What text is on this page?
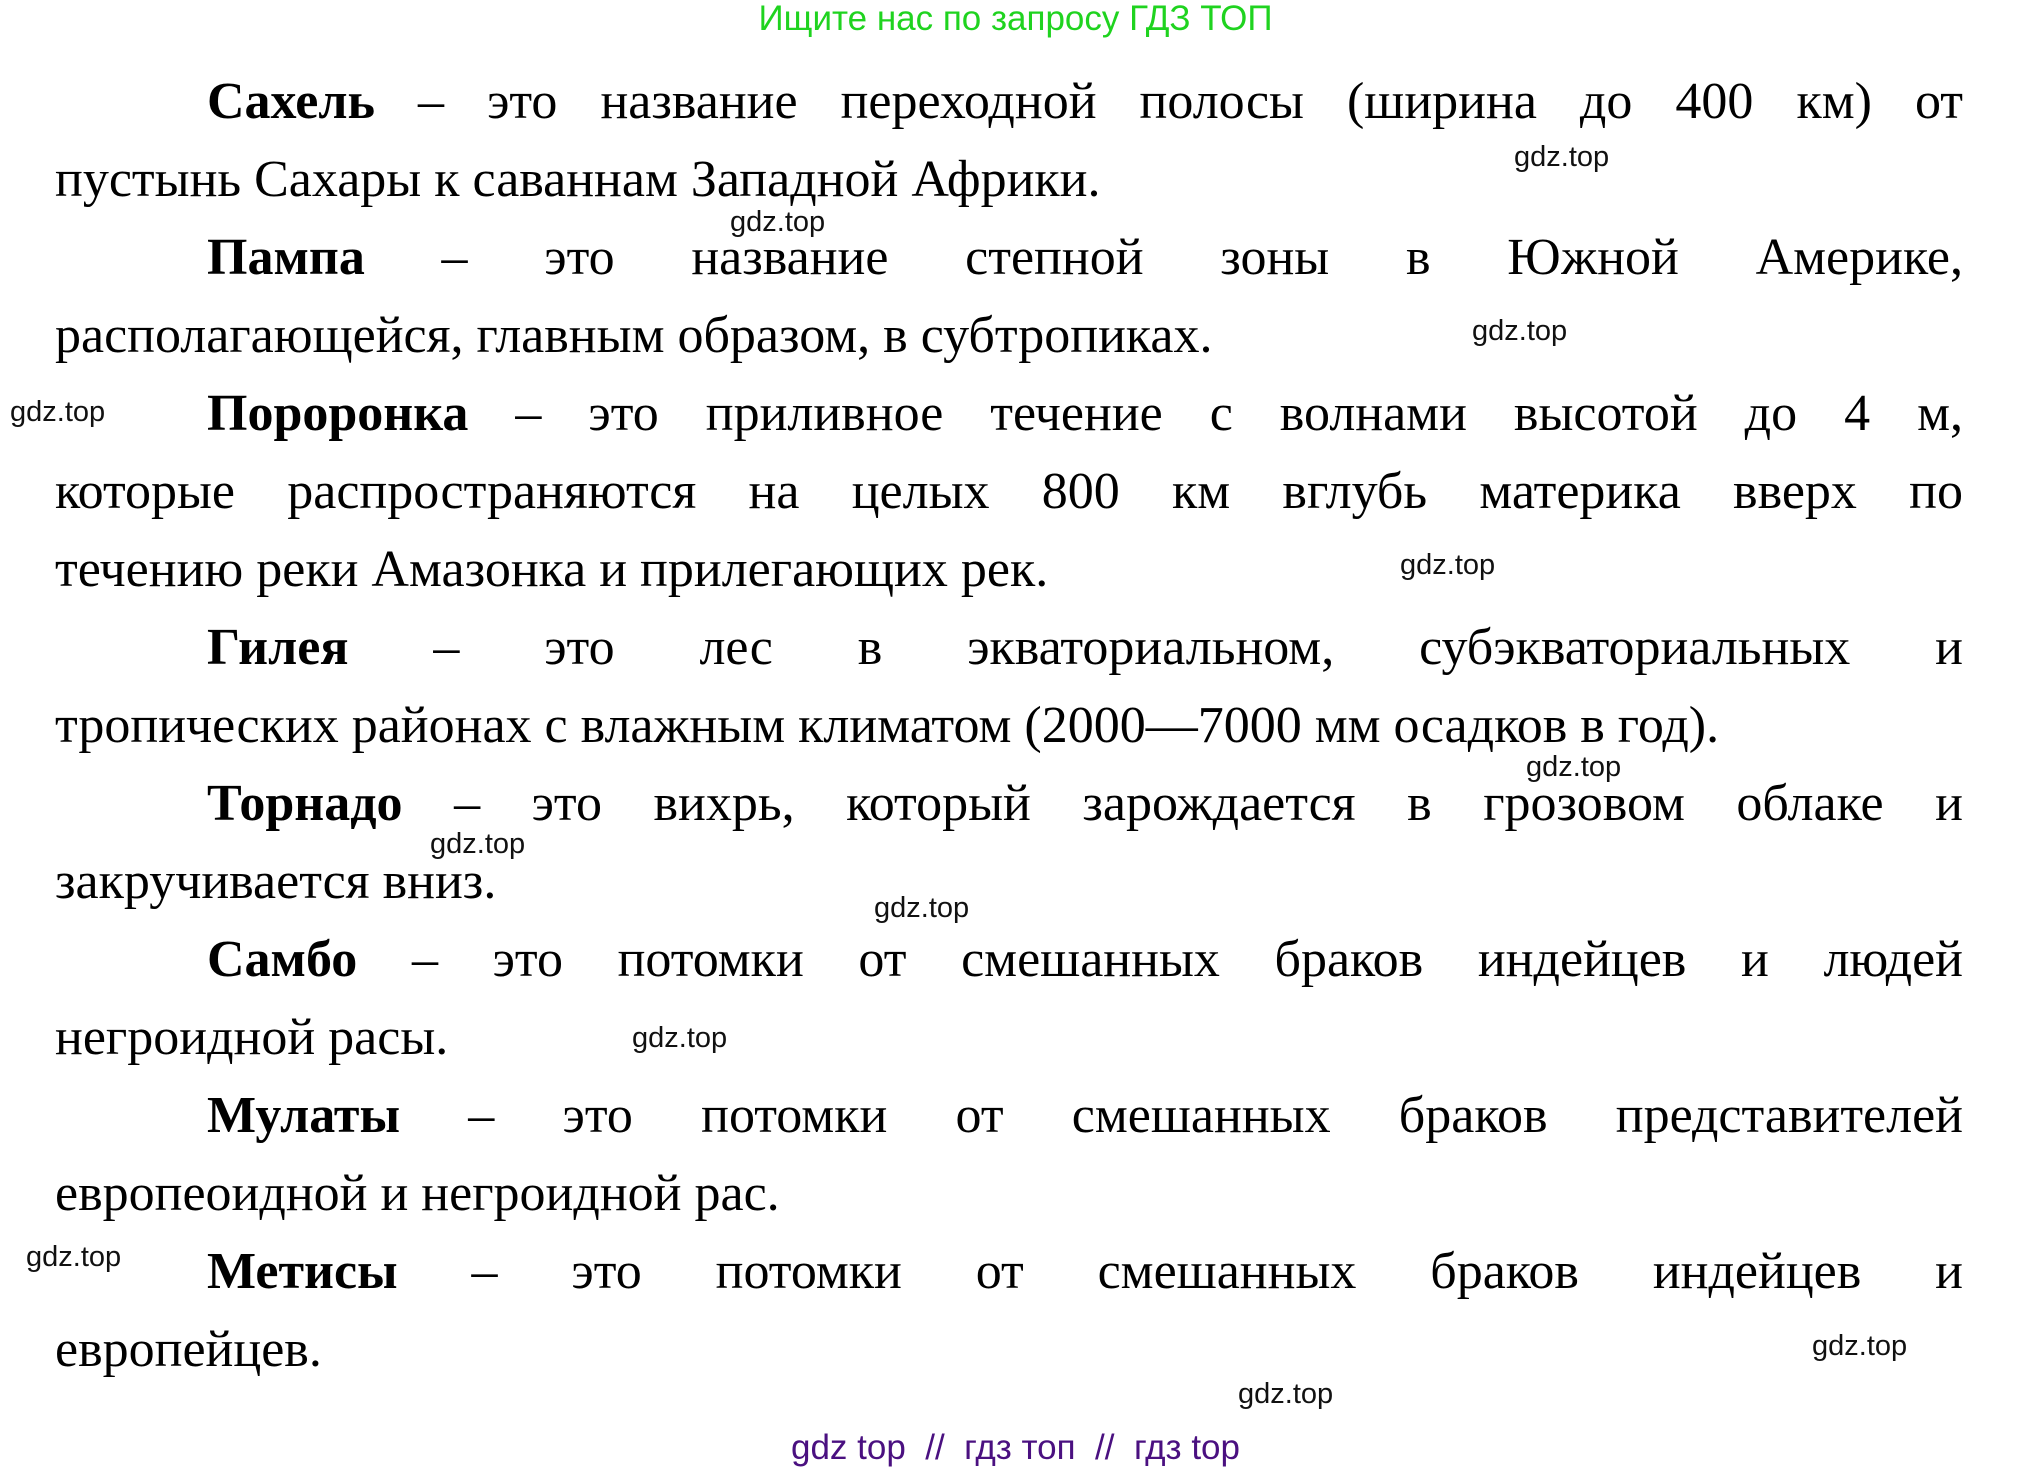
Ищите нас по запросу ГДЗ ТОП
Сахель – это название переходной полосы (ширина до 400 км) от
пустынь Сахары к саваннам Западной Африки.
Пампа – это название степной зоны в Южной Америке,
располагающейся, главным образом, в субтропиках.
Пороронка – это приливное течение с волнами высотой до 4 м,
которые распространяются на целых 800 км вглубь материка вверх по
течению реки Амазонка и прилегающих рек.
Гилея – это лес в экваториальном, субэкваториальных и
тропических районах с влажным климатом (2000—7000 мм осадков в год).
Торнадо – это вихрь, который зарождается в грозовом облаке и
закручивается вниз.
Самбо – это потомки от смешанных браков индейцев и людей
негроидной расы.
Мулаты – это потомки от смешанных браков представителей
европеоидной и негроидной рас.
Метисы – это потомки от смешанных браков индейцев и
европейцев.
gdz.top
gdz.top
gdz.top
gdz.top
gdz.top
gdz.top
gdz.top
gdz.top
gdz.top
gdz.top
gdz.top
gdz.top
gdz top  //  гдз топ  //  гдз top
